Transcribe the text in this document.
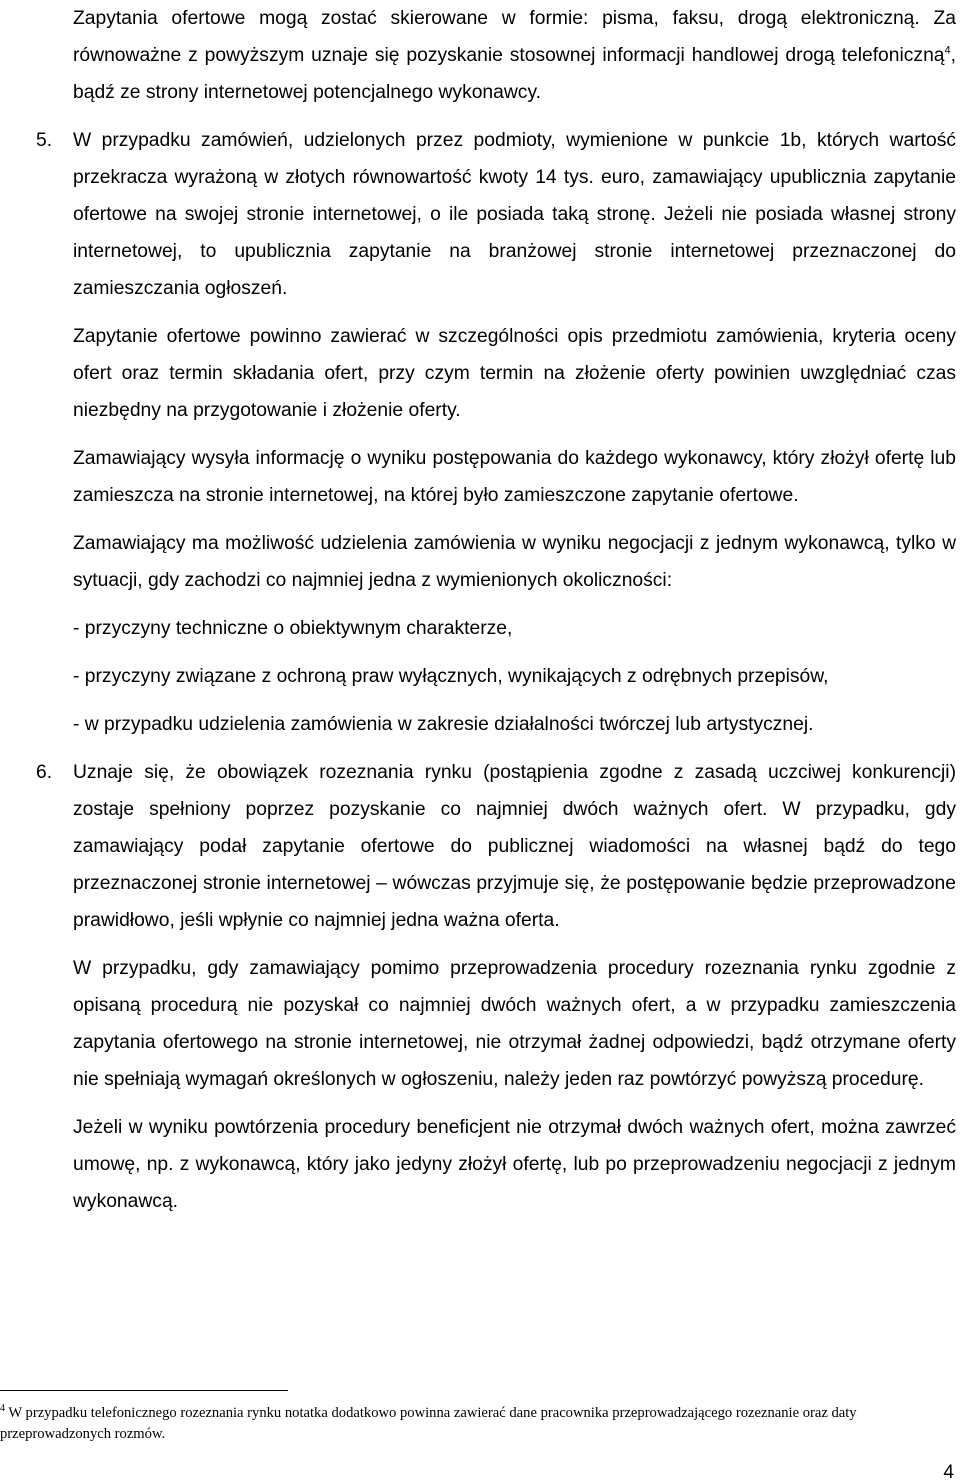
Zapytania ofertowe mogą zostać skierowane w formie: pisma, faksu, drogą elektroniczną. Za równoważne z powyższym uznaje się pozyskanie stosownej informacji handlowej drogą telefoniczną$^4$, bądź ze strony internetowej potencjalnego wykonawcy.

5. W przypadku zamówień, udzielonych przez podmioty, wymienione w punkcie 1b, których wartość przekracza wyrażoną w złotych równowartość kwoty 14 tys. euro, zamawiający upublicznia zapytanie ofertowe na swojej stronie internetowej, o ile posiada taką stronę. Jeżeli nie posiada własnej strony internetowej, to upublicznia zapytanie na branżowej stronie internetowej przeznaczonej do zamieszczania ogłoszeń.

Zapytanie ofertowe powinno zawierać w szczególności opis przedmiotu zamówienia, kryteria oceny ofert oraz termin składania ofert, przy czym termin na złożenie oferty powinien uwzględniać czas niezbędny na przygotowanie i złożenie oferty.

Zamawiający wysyła informację o wyniku postępowania do każdego wykonawcy, który złożył ofertę lub zamieszcza na stronie internetowej, na której było zamieszczone zapytanie ofertowe.

Zamawiający ma możliwość udzielenia zamówienia w wyniku negocjacji z jednym wykonawcą, tylko w sytuacji, gdy zachodzi co najmniej jedna z wymienionych okoliczności:

- przyczyny techniczne o obiektywnym charakterze,
- przyczyny związane z ochroną praw wyłącznych, wynikających z odrębnych przepisów,
- w przypadku udzielenia zamówienia w zakresie działalności twórczej lub artystycznej.
6. Uznaje się, że obowiązek rozeznania rynku (postąpienia zgodne z zasadą uczciwej konkurencji) zostaje spełniony poprzez pozyskanie co najmniej dwóch ważnych ofert. W przypadku, gdy zamawiający podał zapytanie ofertowe do publicznej wiadomości na własnej bądź do tego przeznaczonej stronie internetowej – wówczas przyjmuje się, że postępowanie będzie przeprowadzone prawidłowo, jeśli wpłynie co najmniej jedna ważna oferta.

W przypadku, gdy zamawiający pomimo przeprowadzenia procedury rozeznania rynku zgodnie z opisaną procedurą nie pozyskał co najmniej dwóch ważnych ofert, a w przypadku zamieszczenia zapytania ofertowego na stronie internetowej, nie otrzymał żadnej odpowiedzi, bądź otrzymane oferty nie spełniają wymagań określonych w ogłoszeniu, należy jeden raz powtórzyć powyższą procedurę.

Jeżeli w wyniku powtórzenia procedury beneficjent nie otrzymał dwóch ważnych ofert, można zawrzeć umowę, np. z wykonawcą, który jako jedyny złożył ofertę, lub po przeprowadzeniu negocjacji z jednym wykonawcą.

$^4$ W przypadku telefonicznego rozeznania rynku notatka dodatkowo powinna zawierać dane pracownika przeprowadzającego rozeznanie oraz daty przeprowadzonych rozmów.
4
